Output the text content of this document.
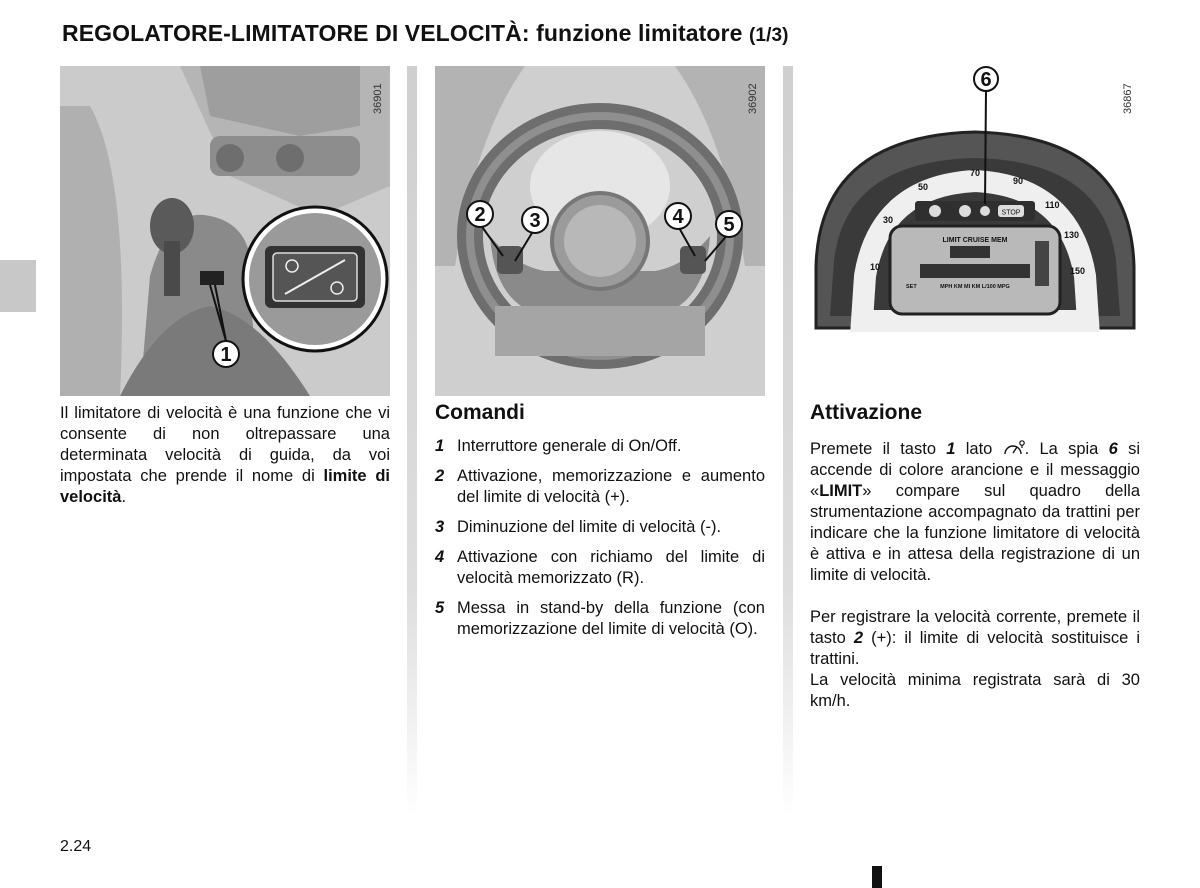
REGOLATORE-LIMITATORE DI VELOCITÀ: funzione limitatore (1/3)
1
36901
2 3	4 5
36902
10
30
50
70
90
110
130
150
STOP
ECO
LIMIT CRUISE MEM
MPH KM MI KM L/100 MPG
SET
6
36867
Il limitatore di velocità è una funzione che vi consente di non oltrepassare una determinata velocità di guida, da voi impostata che prende il nome di limite di velocità.
Comandi
1 Interruttore generale di On/Off.
2 Attivazione, memorizzazione e aumento del limite di velocità (+).
3 Diminuzione del limite di velocità (-).
4 Attivazione con richiamo del limite di velocità memorizzato (R).
5 Messa in stand-by della funzione (con memorizzazione del limite di velocità (O).
Attivazione
Premete il tasto 1 lato . La spia 6 si accende di colore arancione e il messaggio «LIMIT» compare sul quadro della strumentazione accompagnato da trattini per indicare che la funzione limitatore di velocità è attiva e in attesa della registrazione di un limite di velocità.
Per registrare la velocità corrente, premete il tasto 2 (+): il limite di velocità sostituisce i trattini.
La velocità minima registrata sarà di 30 km/h.
2.24
